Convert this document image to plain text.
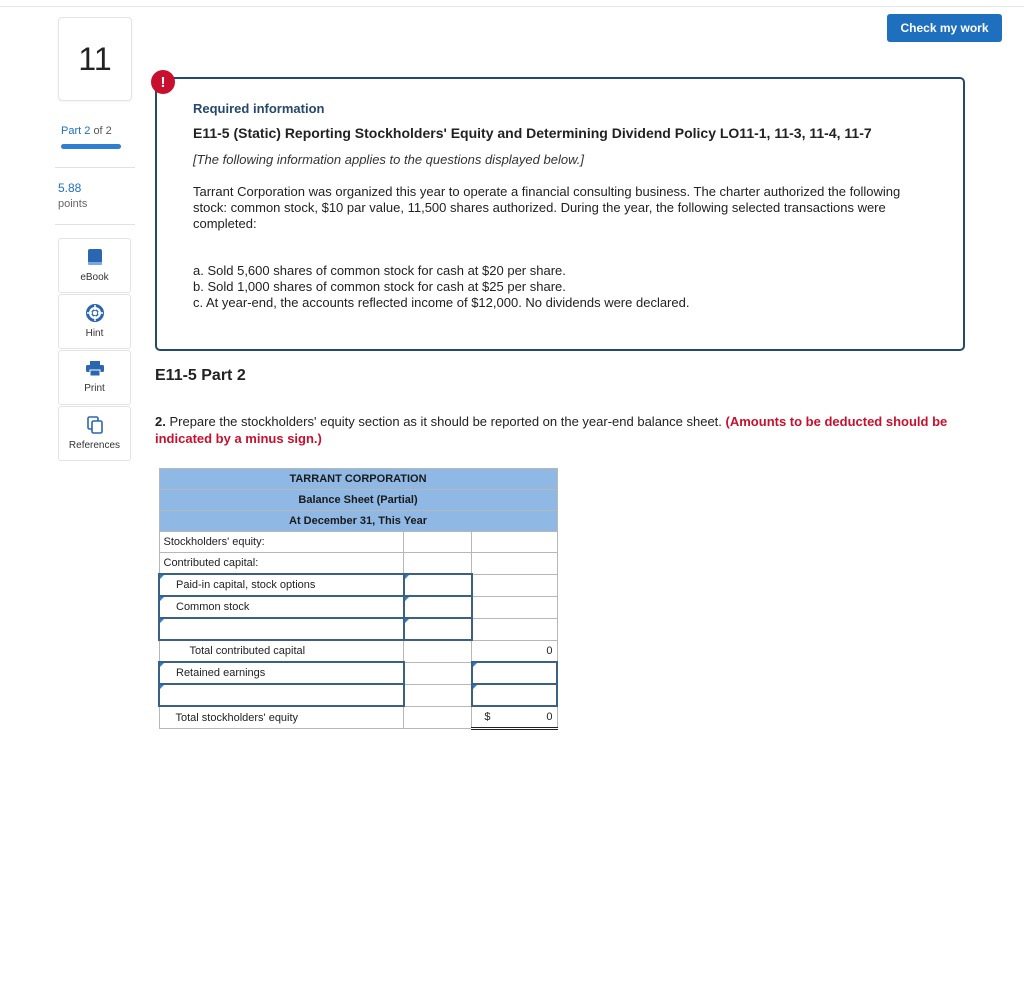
Check my work
11
Part 2 of 2
5.88
points
eBook
Hint
Print
References
!
Required information
E11-5 (Static) Reporting Stockholders' Equity and Determining Dividend Policy LO11-1, 11-3, 11-4, 11-7
[The following information applies to the questions displayed below.]

Tarrant Corporation was organized this year to operate a financial consulting business. The charter authorized the following stock: common stock, $10 par value, 11,500 shares authorized. During the year, the following selected transactions were completed:

a. Sold 5,600 shares of common stock for cash at $20 per share.
b. Sold 1,000 shares of common stock for cash at $25 per share.
c. At year-end, the accounts reflected income of $12,000. No dividends were declared.
E11-5 Part 2

2. Prepare the stockholders' equity section as it should be reported on the year-end balance sheet. (Amounts to be deducted should be indicated by a minus sign.)

TARRANT CORPORATION		
Balance Sheet (Partial)		
At December 31, This Year		
Stockholders' equity:		
Contributed capital:		
Paid-in capital, stock options		
Common stock		

Total contributed capital		0
Retained earnings		

Total stockholders' equity		$ 0
